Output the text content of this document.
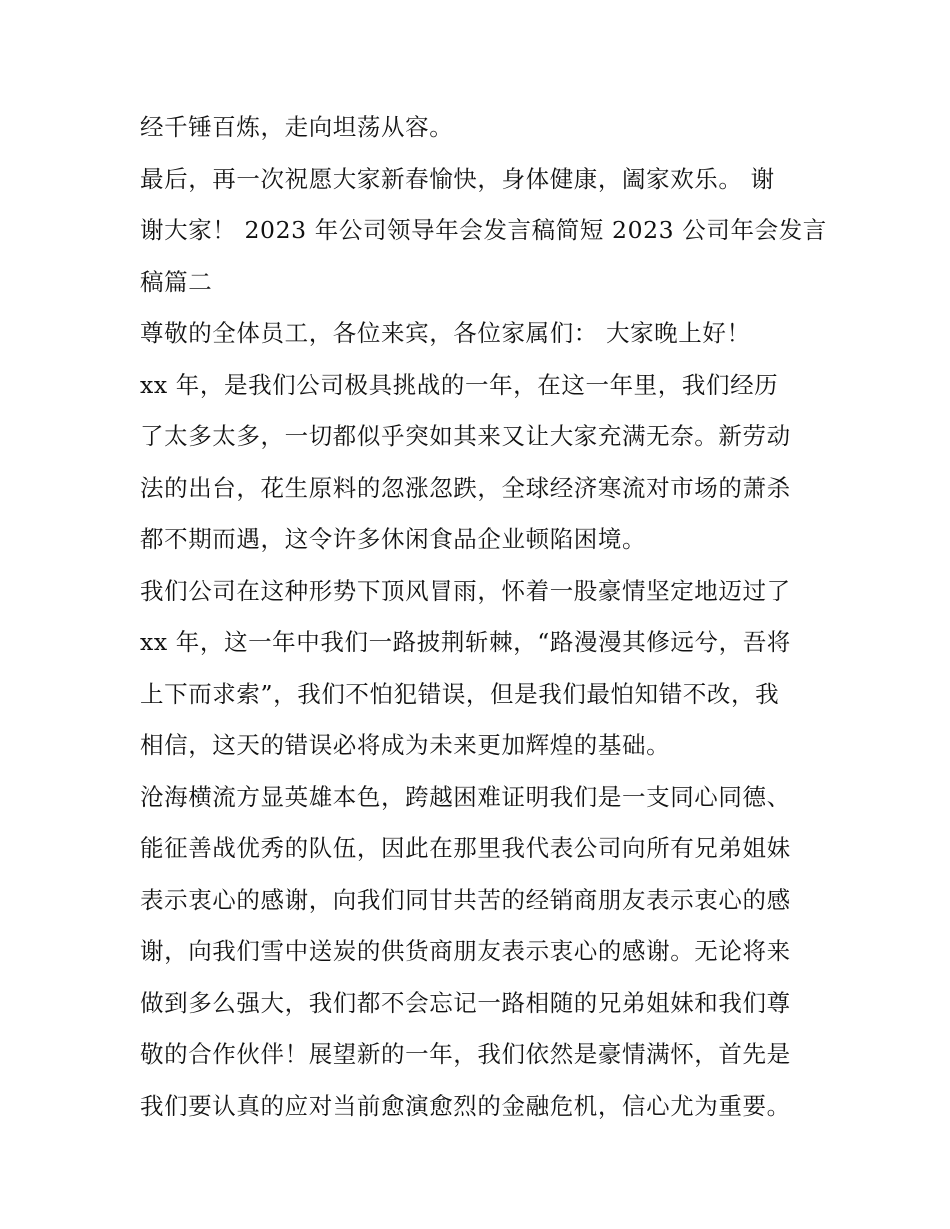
经千锤百炼，走向坦荡从容。

最后，再一次祝愿大家新春愉快，身体健康，阖家欢乐。 谢
谢大家！ 2023 年公司领导年会发言稿简短 2023 公司年会发言
稿篇二

尊敬的全体员工，各位来宾，各位家属们： 大家晚上好！

xx 年，是我们公司极具挑战的一年，在这一年里，我们经历
了太多太多，一切都似乎突如其来又让大家充满无奈。新劳动
法的出台，花生原料的忽涨忽跌，全球经济寒流对市场的萧杀
都不期而遇，这令许多休闲食品企业顿陷困境。

我们公司在这种形势下顶风冒雨，怀着一股豪情坚定地迈过了
xx 年，这一年中我们一路披荆斩棘，“路漫漫其修远兮，吾将
上下而求索”，我们不怕犯错误，但是我们最怕知错不改，我
相信，这天的错误必将成为未来更加辉煌的基础。

沧海横流方显英雄本色，跨越困难证明我们是一支同心同德、
能征善战优秀的队伍，因此在那里我代表公司向所有兄弟姐妹
表示衷心的感谢，向我们同甘共苦的经销商朋友表示衷心的感
谢，向我们雪中送炭的供货商朋友表示衷心的感谢。无论将来
做到多么强大，我们都不会忘记一路相随的兄弟姐妹和我们尊
敬的合作伙伴！展望新的一年，我们依然是豪情满怀，首先是
我们要认真的应对当前愈演愈烈的金融危机，信心尤为重要。
